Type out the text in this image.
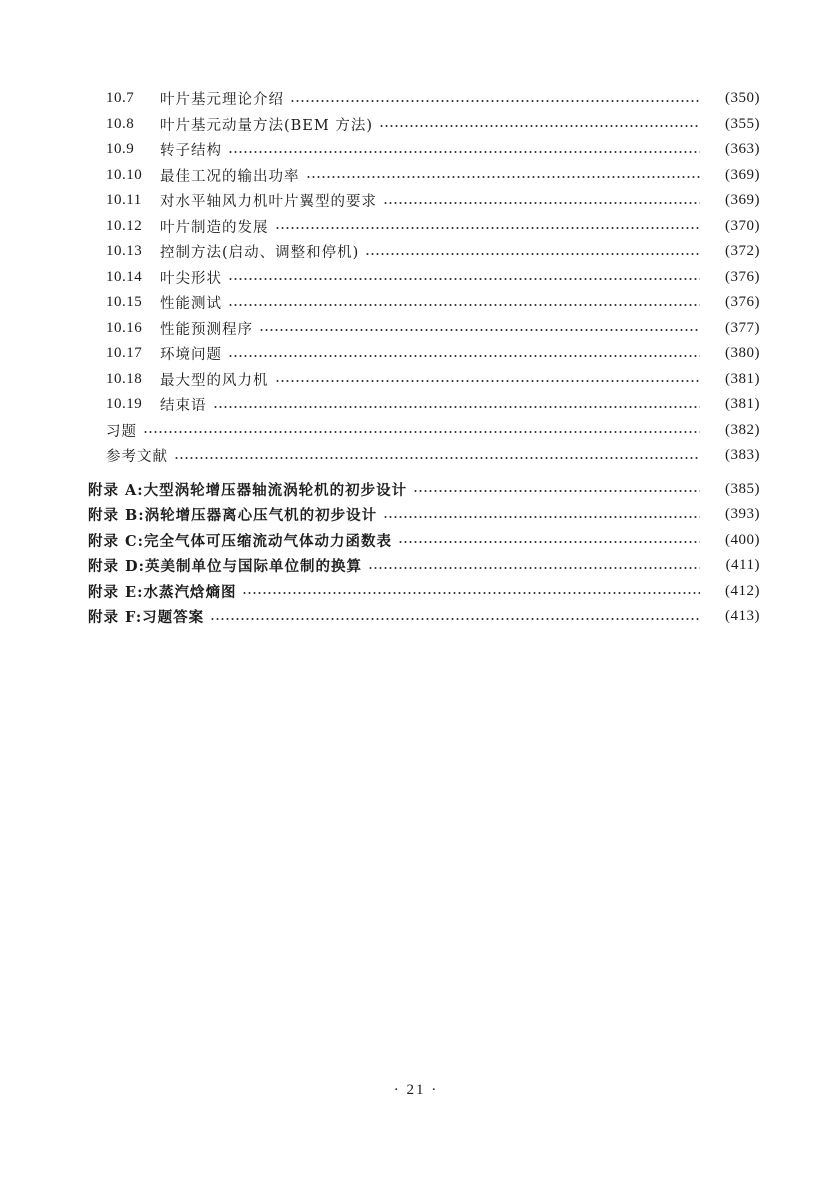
10.7	叶片基元理论介绍	(350)
10.8	叶片基元动量方法(BEM 方法)	(355)
10.9	转子结构	(363)
10.10	最佳工况的输出功率	(369)
10.11	对水平轴风力机叶片翼型的要求	(369)
10.12	叶片制造的发展	(370)
10.13	控制方法(启动、调整和停机)	(372)
10.14	叶尖形状	(376)
10.15	性能测试	(376)
10.16	性能预测程序	(377)
10.17	环境问题	(380)
10.18	最大型的风力机	(381)
10.19	结束语	(381)
习题	(382)
参考文献	(383)
附录 A:大型涡轮增压器轴流涡轮机的初步设计	(385)
附录 B:涡轮增压器离心压气机的初步设计	(393)
附录 C:完全气体可压缩流动气体动力函数表	(400)
附录 D:英美制单位与国际单位制的换算	(411)
附录 E:水蒸汽焓熵图	(412)
附录 F:习题答案	(413)
· 21 ·
